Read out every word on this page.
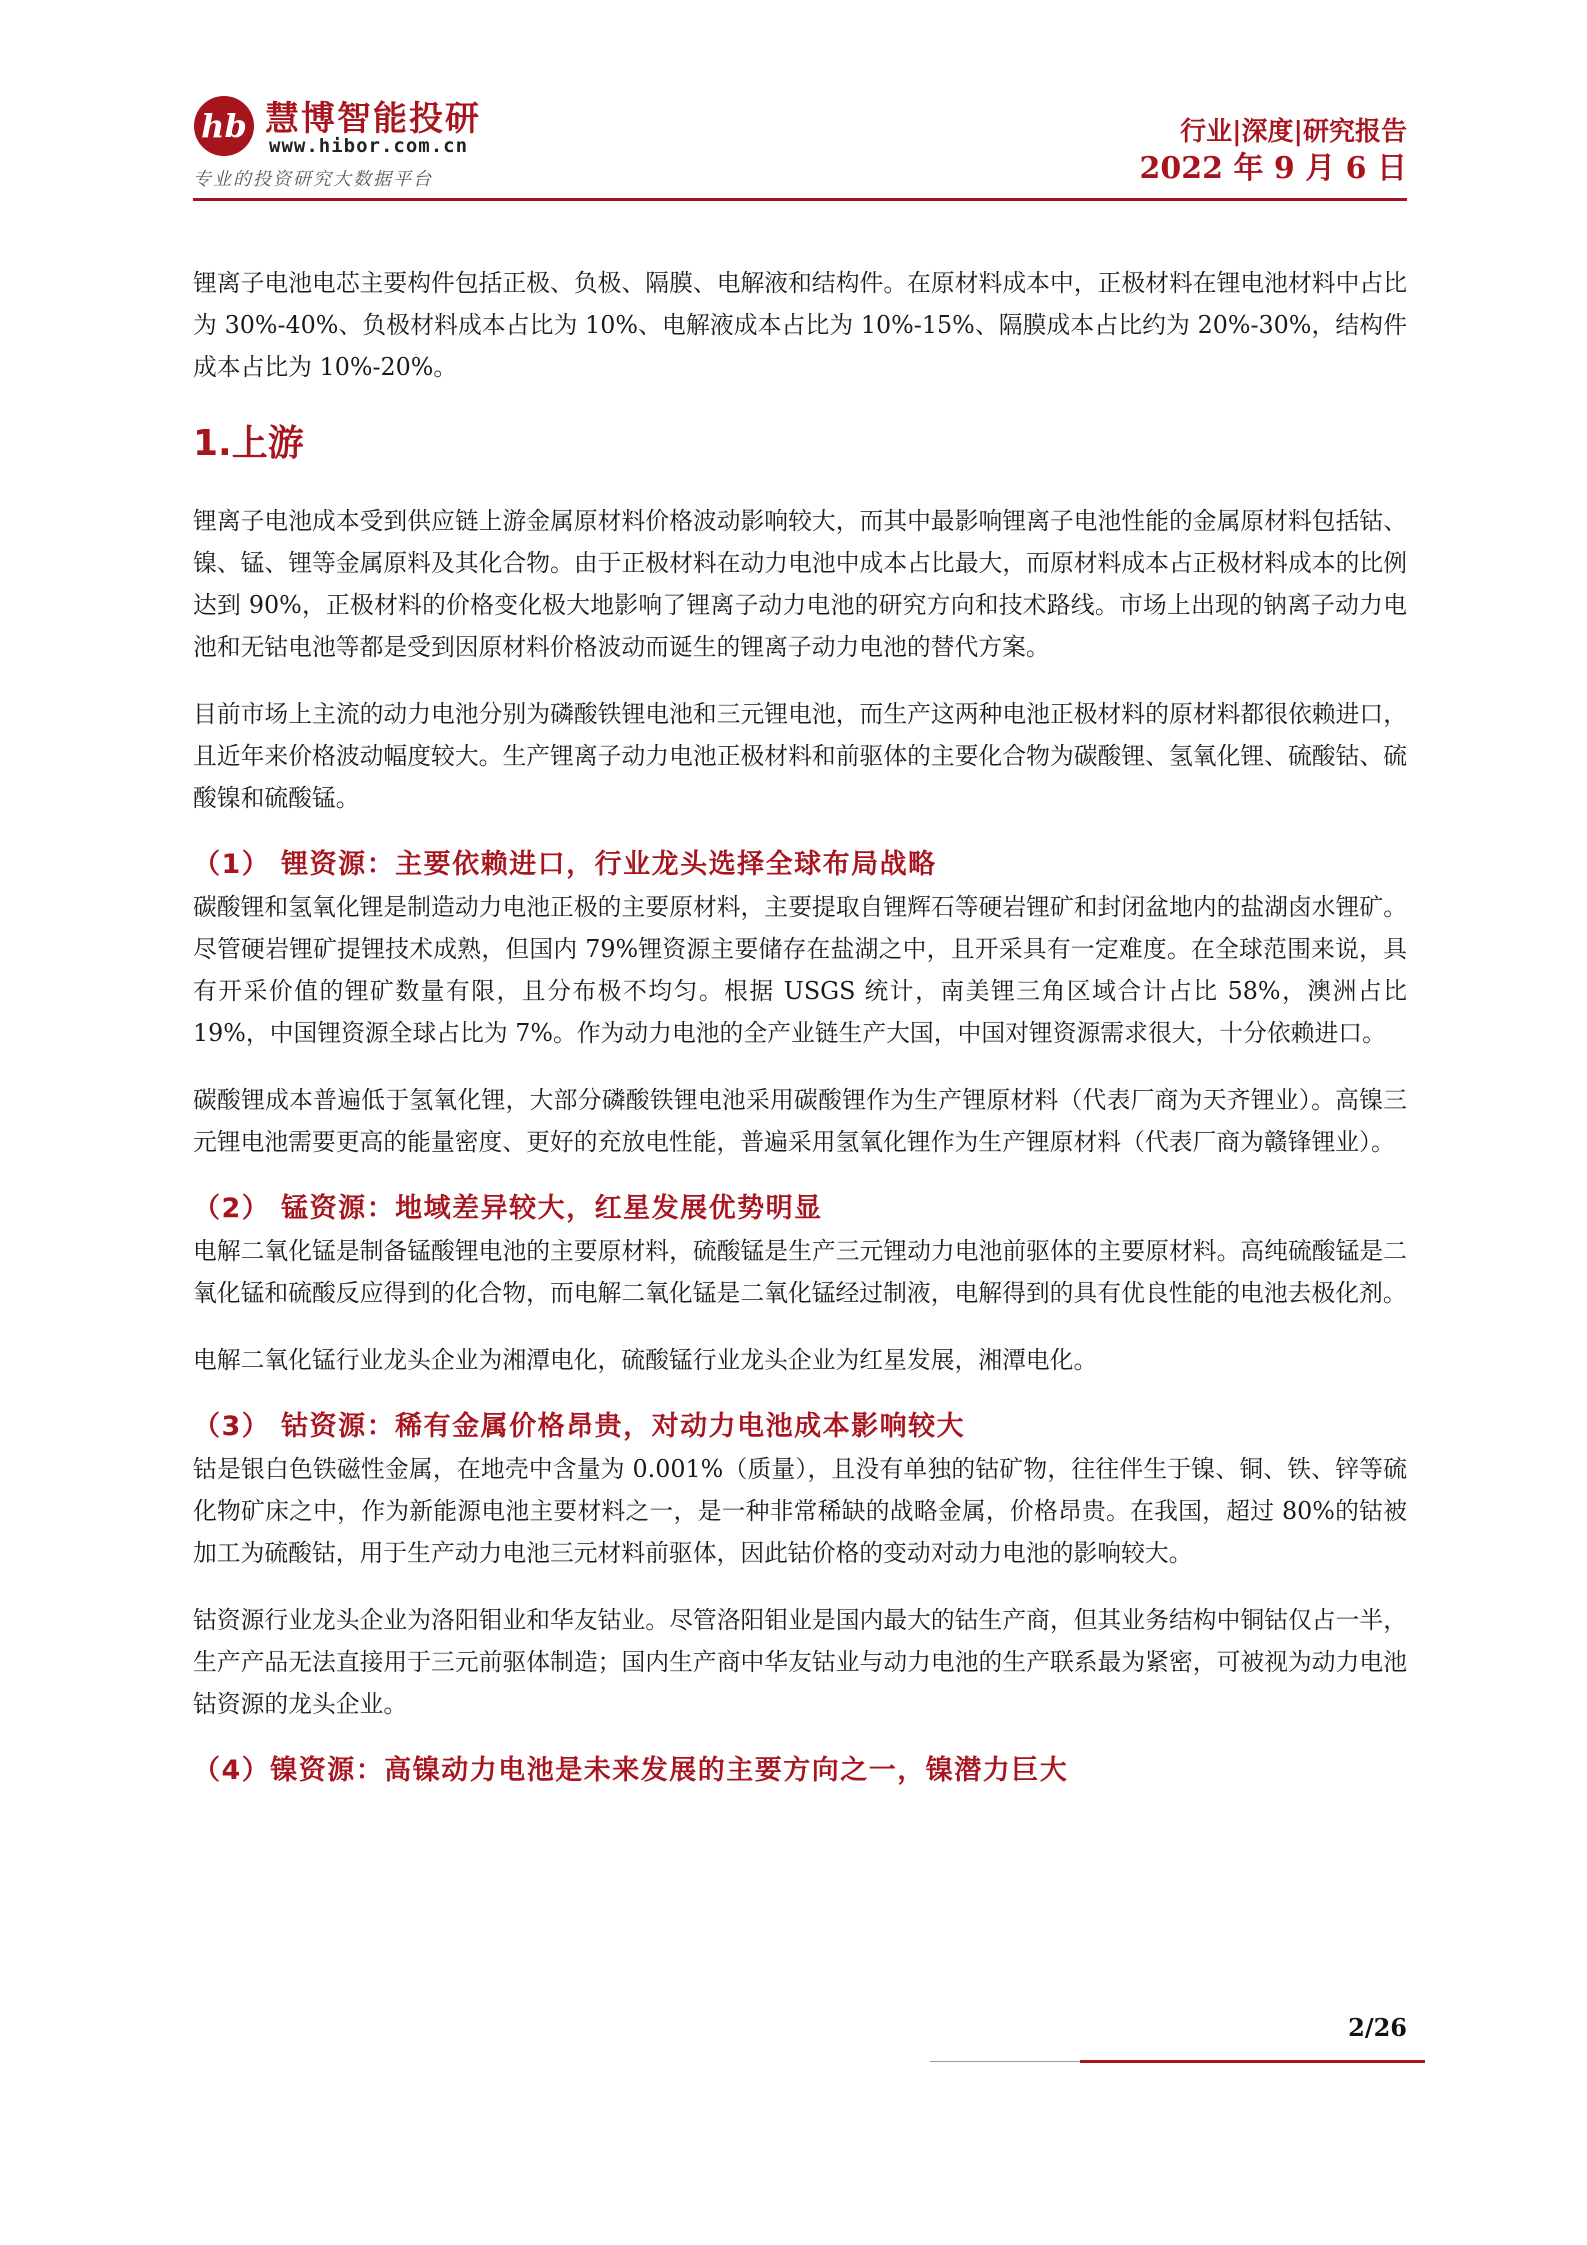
hb 慧博智能投研
www.hibor.com.cn
专业的投资研究大数据平台
行业|深度|研究报告
2022 年 9 月 6 日

锂离子电池电芯主要构件包括正极、负极、隔膜、电解液和结构件。在原材料成本中，正极材料在锂电池材料中占比为 30%-40%、负极材料成本占比为 10%、电解液成本占比为 10%-15%、隔膜成本占比约为 20%-30%，结构件成本占比为 10%-20%。

1.上游

锂离子电池成本受到供应链上游金属原材料价格波动影响较大，而其中最影响锂离子电池性能的金属原材料包括钴、镍、锰、锂等金属原料及其化合物。由于正极材料在动力电池中成本占比最大，而原材料成本占正极材料成本的比例达到 90%，正极材料的价格变化极大地影响了锂离子动力电池的研究方向和技术路线。市场上出现的钠离子动力电池和无钴电池等都是受到因原材料价格波动而诞生的锂离子动力电池的替代方案。

目前市场上主流的动力电池分别为磷酸铁锂电池和三元锂电池，而生产这两种电池正极材料的原材料都很依赖进口，且近年来价格波动幅度较大。生产锂离子动力电池正极材料和前驱体的主要化合物为碳酸锂、氢氧化锂、硫酸钴、硫酸镍和硫酸锰。

（1） 锂资源：主要依赖进口，行业龙头选择全球布局战略

碳酸锂和氢氧化锂是制造动力电池正极的主要原材料，主要提取自锂辉石等硬岩锂矿和封闭盆地内的盐湖卤水锂矿。尽管硬岩锂矿提锂技术成熟，但国内 79%锂资源主要储存在盐湖之中，且开采具有一定难度。在全球范围来说，具有开采价值的锂矿数量有限，且分布极不均匀。根据 USGS 统计，南美锂三角区域合计占比 58%，澳洲占比 19%，中国锂资源全球占比为 7%。作为动力电池的全产业链生产大国，中国对锂资源需求很大，十分依赖进口。

碳酸锂成本普遍低于氢氧化锂，大部分磷酸铁锂电池采用碳酸锂作为生产锂原材料（代表厂商为天齐锂业）。高镍三元锂电池需要更高的能量密度、更好的充放电性能，普遍采用氢氧化锂作为生产锂原材料（代表厂商为赣锋锂业）。

（2） 锰资源：地域差异较大，红星发展优势明显

电解二氧化锰是制备锰酸锂电池的主要原材料，硫酸锰是生产三元锂动力电池前驱体的主要原材料。高纯硫酸锰是二氧化锰和硫酸反应得到的化合物，而电解二氧化锰是二氧化锰经过制液，电解得到的具有优良性能的电池去极化剂。

电解二氧化锰行业龙头企业为湘潭电化，硫酸锰行业龙头企业为红星发展，湘潭电化。

（3） 钴资源：稀有金属价格昂贵，对动力电池成本影响较大

钴是银白色铁磁性金属，在地壳中含量为 0.001%（质量），且没有单独的钴矿物，往往伴生于镍、铜、铁、锌等硫化物矿床之中，作为新能源电池主要材料之一，是一种非常稀缺的战略金属，价格昂贵。在我国，超过 80%的钴被加工为硫酸钴，用于生产动力电池三元材料前驱体，因此钴价格的变动对动力电池的影响较大。

钴资源行业龙头企业为洛阳钼业和华友钴业。尽管洛阳钼业是国内最大的钴生产商，但其业务结构中铜钴仅占一半，生产产品无法直接用于三元前驱体制造；国内生产商中华友钴业与动力电池的生产联系最为紧密，可被视为动力电池钴资源的龙头企业。

（4）镍资源：高镍动力电池是未来发展的主要方向之一，镍潜力巨大
2/26
